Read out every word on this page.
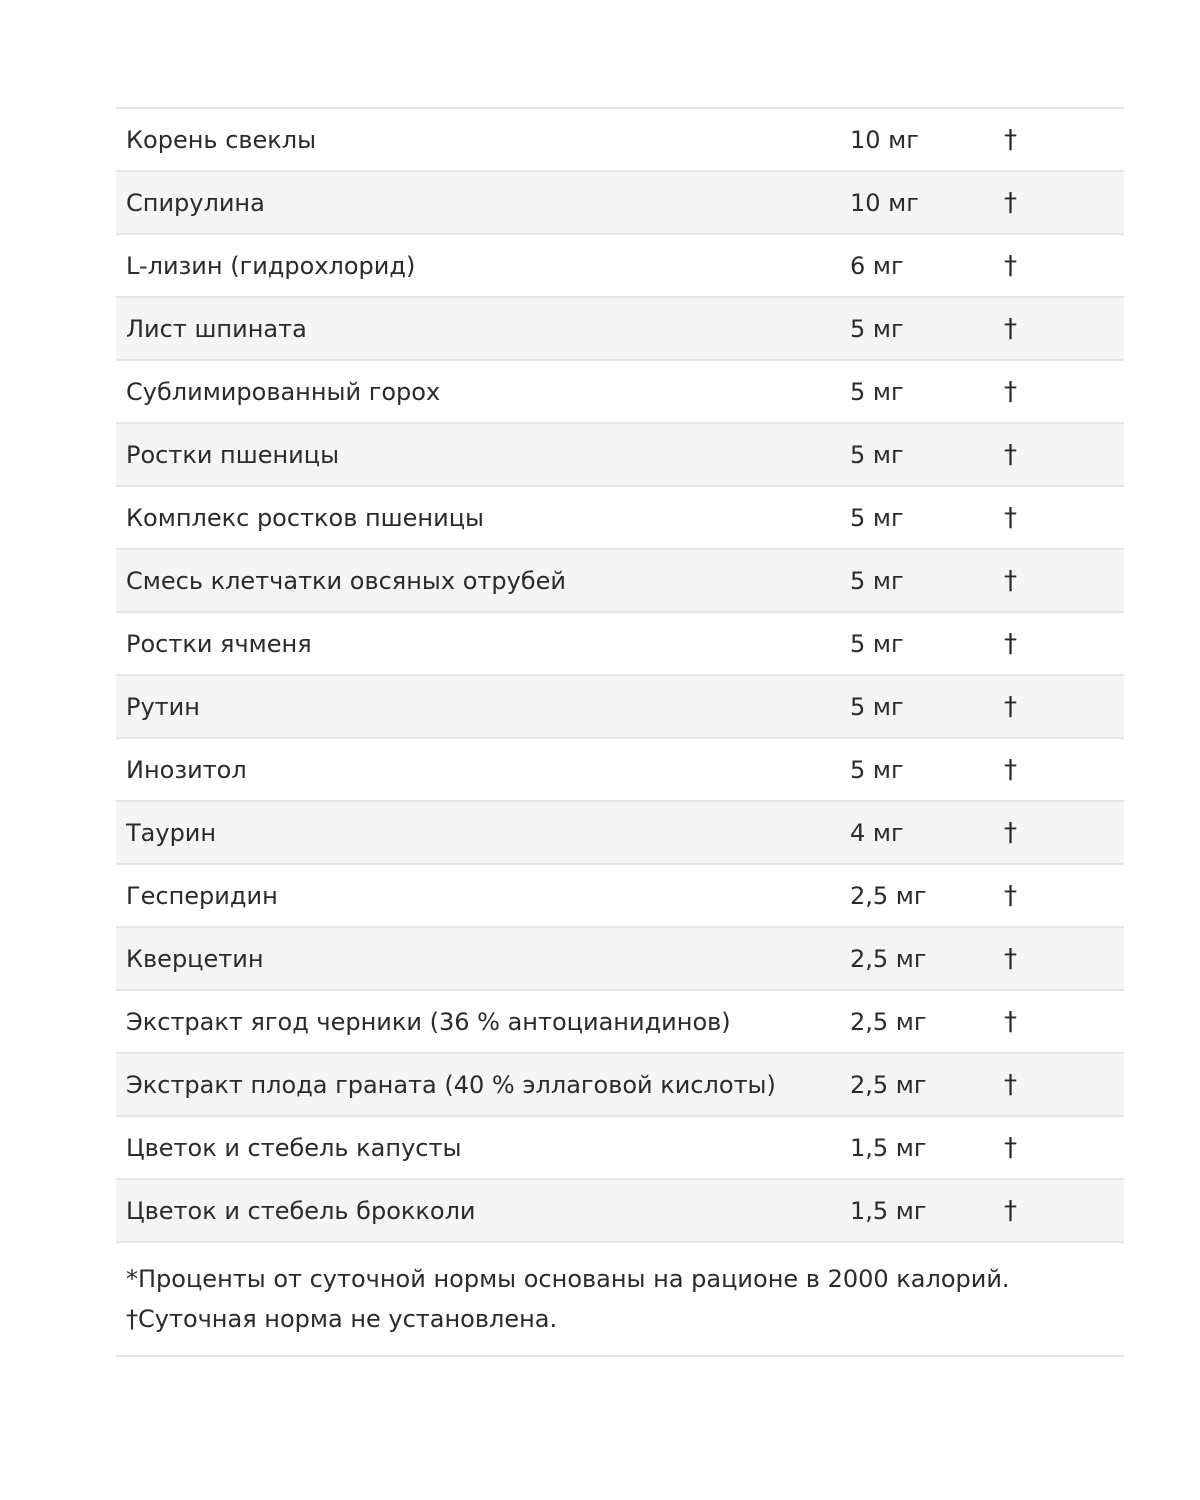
Корень свеклы	10 мг	†
Спирулина	10 мг	†
L-лизин (гидрохлорид)	6 мг	†
Лист шпината	5 мг	†
Сублимированный горох	5 мг	†
Ростки пшеницы	5 мг	†
Комплекс ростков пшеницы	5 мг	†
Смесь клетчатки овсяных отрубей	5 мг	†
Ростки ячменя	5 мг	†
Рутин	5 мг	†
Инозитол	5 мг	†
Таурин	4 мг	†
Гесперидин	2,5 мг	†
Кверцетин	2,5 мг	†
Экстракт ягод черники (36 % антоцианидинов)	2,5 мг	†
Экстракт плода граната (40 % эллаговой кислоты)	2,5 мг	†
Цветок и стебель капусты	1,5 мг	†
Цветок и стебель брокколи	1,5 мг	†

*Проценты от суточной нормы основаны на рационе в 2000 калорий.

†Суточная норма не установлена.
